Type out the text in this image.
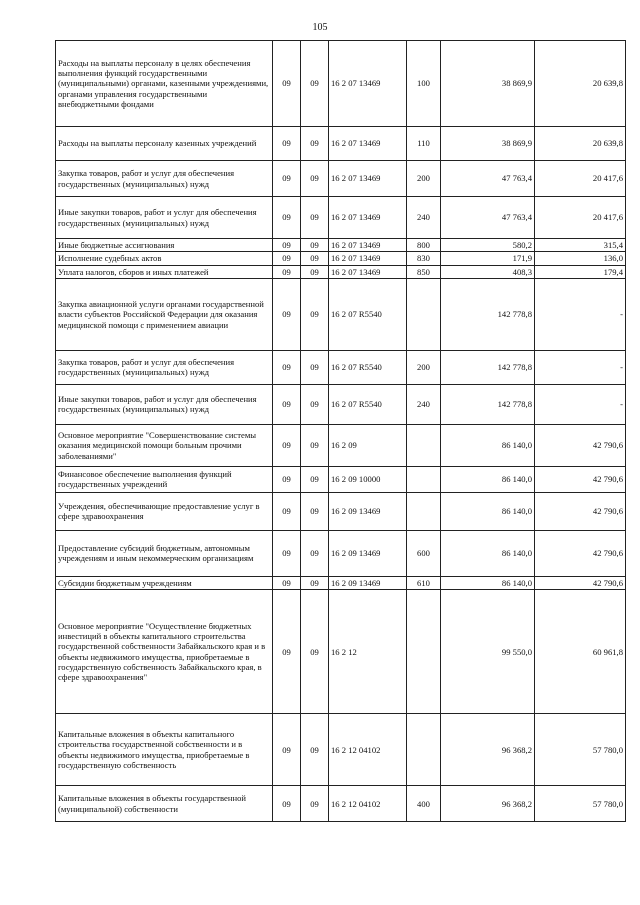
105
Расходы на выплаты персоналу в целях обеспечения выполнения функций государственными (муниципальными) органами, казенными учреждениями, органами управления государственными внебюджетными фондами	09	09	16 2 07 13469	100	38 869,9	20 639,8
Расходы на выплаты персоналу казенных учреждений	09	09	16 2 07 13469	110	38 869,9	20 639,8
Закупка товаров, работ и услуг для обеспечения государственных (муниципальных) нужд	09	09	16 2 07 13469	200	47 763,4	20 417,6
Иные закупки товаров, работ и услуг для обеспечения государственных (муниципальных) нужд	09	09	16 2 07 13469	240	47 763,4	20 417,6
Иные бюджетные ассигнования	09	09	16 2 07 13469	800	580,2	315,4
Исполнение судебных актов	09	09	16 2 07 13469	830	171,9	136,0
Уплата налогов, сборов и иных платежей	09	09	16 2 07 13469	850	408,3	179,4
Закупка авиационной услуги органами государственной власти субъектов Российской Федерации для оказания медицинской помощи с применением авиации	09	09	16 2 07 R5540		142 778,8	-
Закупка товаров, работ и услуг для обеспечения государственных (муниципальных) нужд	09	09	16 2 07 R5540	200	142 778,8	-
Иные закупки товаров, работ и услуг для обеспечения государственных (муниципальных) нужд	09	09	16 2 07 R5540	240	142 778,8	-
Основное мероприятие "Совершенствование системы оказания медицинской помощи больным прочими заболеваниями"	09	09	16 2 09		86 140,0	42 790,6
Финансовое обеспечение выполнения функций государственных учреждений	09	09	16 2 09 10000		86 140,0	42 790,6
Учреждения, обеспечивающие предоставление услуг в сфере здравоохранения	09	09	16 2 09 13469		86 140,0	42 790,6
Предоставление субсидий бюджетным, автономным учреждениям и иным некоммерческим организациям	09	09	16 2 09 13469	600	86 140,0	42 790,6
Субсидии бюджетным учреждениям	09	09	16 2 09 13469	610	86 140,0	42 790,6
Основное мероприятие "Осуществление бюджетных инвестиций в объекты капитального строительства государственной собственности Забайкальского края и в объекты недвижимого имущества, приобретаемые в государственную собственность Забайкальского края, в сфере здравоохранения"	09	09	16 2 12		99 550,0	60 961,8
Капитальные вложения в объекты капитального строительства государственной собственности и в объекты недвижимого имущества, приобретаемые в государственную собственность	09	09	16 2 12 04102		96 368,2	57 780,0
Капитальные вложения в объекты государственной (муниципальной) собственности	09	09	16 2 12 04102	400	96 368,2	57 780,0
